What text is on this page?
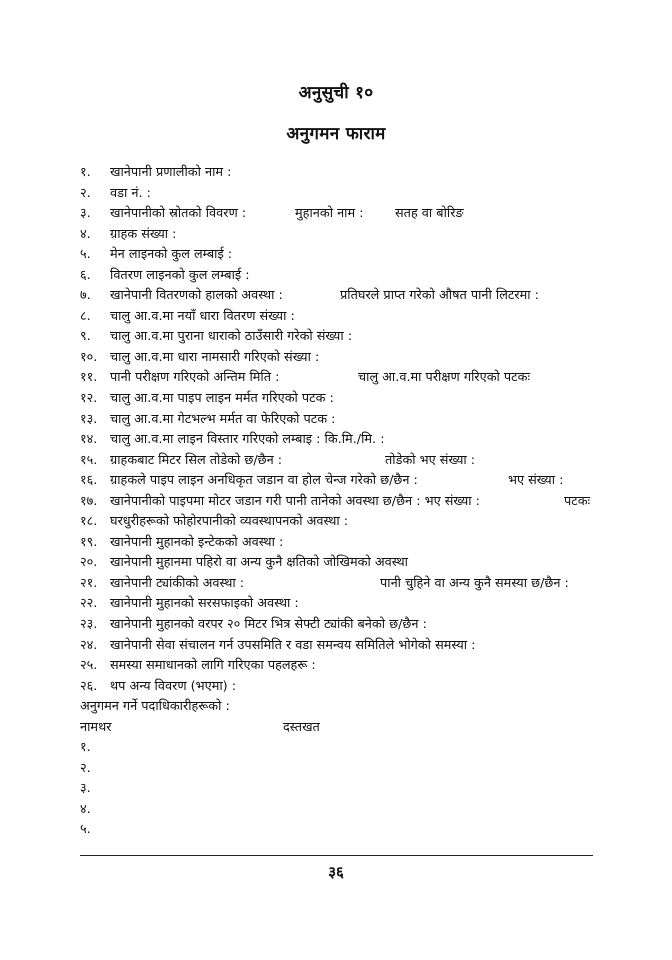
अनुसुची १०
अनुगमन फाराम
१. खानेपानी प्रणालीको नाम :
२. वडा नं. :
३. खानेपानीको स्रोतको विवरण :	मुहानको नाम : सतह वा बोरिङ
४. ग्राहक संख्या :
५. मेन लाइनको कुल लम्बाई :
६. वितरण लाइनको कुल लम्बाई :
७. खानेपानी वितरणको हालको अवस्था :	प्रतिघरले प्राप्त गरेको औषत पानी लिटरमा :
८. चालु आ.व.मा नयाँ धारा वितरण संख्या :
९. चालु आ.व.मा पुराना धाराको ठाउँसारी गरेको संख्या :
१०. चालु आ.व.मा धारा नामसारी गरिएको संख्या :
११. पानी परीक्षण गरिएको अन्तिम मिति :	चालु आ.व.मा परीक्षण गरिएको पटकः
१२. चालु आ.व.मा पाइप लाइन मर्मत गरिएको पटक :
१३. चालु आ.व.मा गेटभल्भ मर्मत वा फेरिएको पटक :
१४. चालु आ.व.मा लाइन विस्तार गरिएको लम्बाइ : कि.मि./मि. :
१५. ग्राहकबाट मिटर सिल तोडेको छ/छैन :	तोडेको भए संख्या :
१६. ग्राहकले पाइप लाइन अनधिकृत जडान वा होल चेन्ज गरेको छ/छैन :	भए संख्या :
१७. खानेपानीको पाइपमा मोटर जडान गरी पानी तानेको अवस्था छ/छैन : भए संख्या :	पटकः
१८. घरधुरीहरूको फोहोरपानीको व्यवस्थापनको अवस्था :
१९. खानेपानी मुहानको इन्टेकको अवस्था :
२०. खानेपानी मुहानमा पहिरो वा अन्य कुनै क्षतिको जोखिमको अवस्था
२१. खानेपानी ट्यांकीको अवस्था :	पानी चुहिने वा अन्य कुनै समस्या छ/छैन :
२२. खानेपानी मुहानको सरसफाइको अवस्था :
२३. खानेपानी मुहानको वरपर २० मिटर भित्र सेफ्टी ट्यांकी बनेको छ/छैन :
२४. खानेपानी सेवा संचालन गर्न उपसमिति र वडा समन्वय समितिले भोगेको समस्या :
२५. समस्या समाधानको लागि गरिएका पहलहरू :
२६. थप अन्य विवरण (भएमा) :
अनुगमन गर्ने पदाधिकारीहरूको :
नामथर	दस्तखत
१.
२.
३.
४.
५.
३६
